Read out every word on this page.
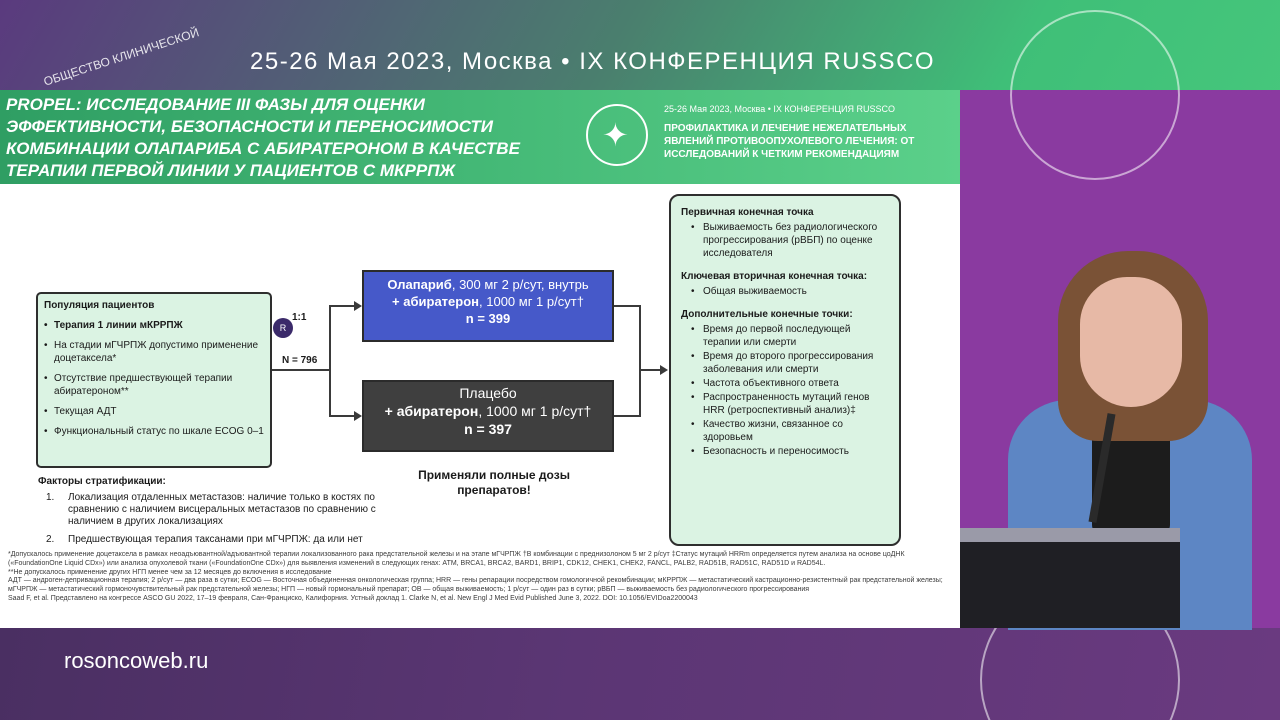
ОБЩЕСТВО КЛИНИЧЕСКОЙ 25-26 Мая 2023, Москва • IX КОНФЕРЕНЦИЯ RUSSCO
rosoncoweb.ru
PROPEL: ИССЛЕДОВАНИЕ III ФАЗЫ ДЛЯ ОЦЕНКИ ЭФФЕКТИВНОСТИ, БЕЗОПАСНОСТИ И ПЕРЕНОСИМОСТИ КОМБИНАЦИИ ОЛАПАРИБА С АБИРАТЕРОНОМ В КАЧЕСТВЕ ТЕРАПИИ ПЕРВОЙ ЛИНИИ У ПАЦИЕНТОВ С МКРРПЖ
✦
25-26 Мая 2023, Москва • IX КОНФЕРЕНЦИЯ RUSSCO
ПРОФИЛАКТИКА И ЛЕЧЕНИЕ НЕЖЕЛАТЕЛЬНЫХ ЯВЛЕНИЙ ПРОТИВООПУХОЛЕВОГО ЛЕЧЕНИЯ: ОТ ИССЛЕДОВАНИЙ К ЧЕТКИМ РЕКОМЕНДАЦИЯМ
Популяция пациентов
• Терапия 1 линии мКРРПЖ
• На стадии мГЧРПЖ допустимо применение доцетаксела*
• Отсутствие предшествующей терапии абиратероном**
• Текущая АДТ
• Функциональный статус по шкале ECOG 0–1
R
1:1
N = 796
Олапариб, 300 мг 2 р/сут, внутрь
+ абиратерон, 1000 мг 1 р/сут†
n = 399
Плацебо
+ абиратерон, 1000 мг 1 р/сут†
n = 397
Применяли полные дозы препаратов!
Факторы стратификации:
1. Локализация отдаленных метастазов: наличие только в костях по сравнению с наличием висцеральных метастазов по сравнению с наличием в других локализациях
2. Предшествующая терапия таксанами при мГЧРПЖ: да или нет
Первичная конечная точка
• Выживаемость без радиологического прогрессирования (рВБП) по оценке исследователя
Ключевая вторичная конечная точка:
• Общая выживаемость
Дополнительные конечные точки:
• Время до первой последующей терапии или смерти
• Время до второго прогрессирования заболевания или смерти
• Частота объективного ответа
• Распространенность мутаций генов HRR (ретроспективный анализ)‡
• Качество жизни, связанное со здоровьем
• Безопасность и переносимость

*Допускалось применение доцетаксела в рамках неоадъювантной/адъювантной терапии локализованного рака предстательной железы и на этапе мГЧРПЖ †В комбинации с преднизолоном 5 мг 2 р/сут ‡Статус мутаций HRRm определяется путем анализа на основе цоДНК («FoundationOne Liquid CDx») или анализа опухолевой ткани («FoundationOne CDx») для выявления изменений в следующих генах: ATM, BRCA1, BRCA2, BARD1, BRIP1, CDK12, CHEK1, CHEK2, FANCL, PALB2, RAD51B, RAD51C, RAD51D и RAD54L.

**Не допускалось применение других НГП менее чем за 12 месяцев до включения в исследование

АДТ — андроген-депривационная терапия; 2 р/сут — два раза в сутки; ECOG — Восточная объединенная онкологическая группа; HRR — гены репарации посредством гомологичной рекомбинации; мКРРПЖ — метастатический кастрационно-резистентный рак предстательной железы; мГЧРПЖ — метастатический гормоночувствительный рак предстательной железы; НГП — новый гормональный препарат; ОВ — общая выживаемость; 1 р/сут — один раз в сутки; рВБП — выживаемость без радиологического прогрессирования

Saad F, et al. Представлено на конгрессе ASCO GU 2022, 17–19 февраля, Сан-Франциско, Калифорния. Устный доклад 1. Clarke N, et al. New Engl J Med Evid Published June 3, 2022. DOI: 10.1056/EVIDoa2200043
